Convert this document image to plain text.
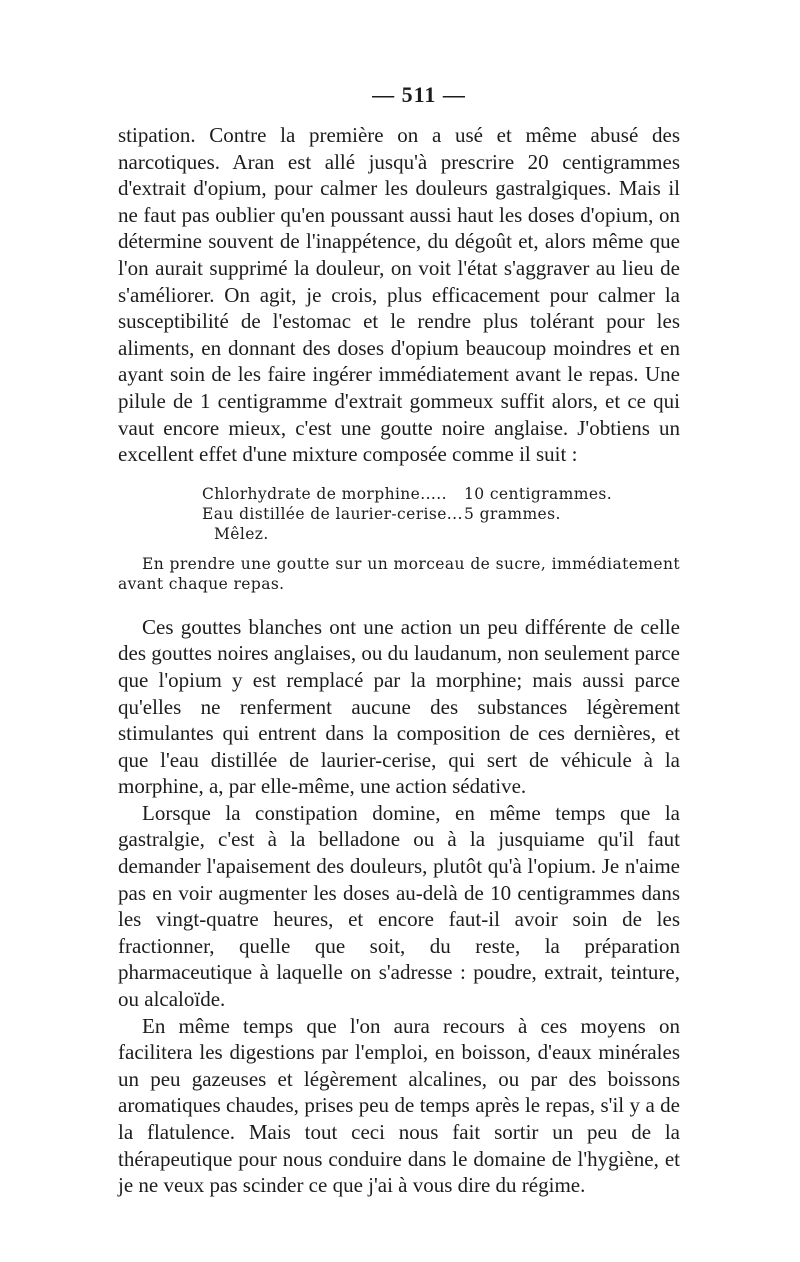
— 511 —

stipation. Contre la première on a usé et même abusé des narcotiques. Aran est allé jusqu'à prescrire 20 centigrammes d'extrait d'opium, pour calmer les douleurs gastralgiques. Mais il ne faut pas oublier qu'en poussant aussi haut les doses d'opium, on détermine souvent de l'inappétence, du dégoût et, alors même que l'on aurait supprimé la douleur, on voit l'état s'aggraver au lieu de s'améliorer. On agit, je crois, plus efficacement pour calmer la susceptibilité de l'estomac et le rendre plus tolérant pour les aliments, en donnant des doses d'opium beaucoup moindres et en ayant soin de les faire ingérer immédiatement avant le repas. Une pilule de 1 centigramme d'extrait gommeux suffit alors, et ce qui vaut encore mieux, c'est une goutte noire anglaise. J'obtiens un excellent effet d'une mixture composée comme il suit :

Chlorhydrate de morphine.....	10 centigrammes.
Eau distillée de laurier-cerise... 5 grammes.
Mêlez.

En prendre une goutte sur un morceau de sucre, immédiatement avant chaque repas.

Ces gouttes blanches ont une action un peu différente de celle des gouttes noires anglaises, ou du laudanum, non seulement parce que l'opium y est remplacé par la morphine; mais aussi parce qu'elles ne renferment aucune des substances légèrement stimulantes qui entrent dans la composition de ces dernières, et que l'eau distillée de laurier-cerise, qui sert de véhicule à la morphine, a, par elle-même, une action sédative.

Lorsque la constipation domine, en même temps que la gastralgie, c'est à la belladone ou à la jusquiame qu'il faut demander l'apaisement des douleurs, plutôt qu'à l'opium. Je n'aime pas en voir augmenter les doses au-delà de 10 centigrammes dans les vingt-quatre heures, et encore faut-il avoir soin de les fractionner, quelle que soit, du reste, la préparation pharmaceutique à laquelle on s'adresse : poudre, extrait, teinture, ou alcaloïde.

En même temps que l'on aura recours à ces moyens on facilitera les digestions par l'emploi, en boisson, d'eaux minérales un peu gazeuses et légèrement alcalines, ou par des boissons aromatiques chaudes, prises peu de temps après le repas, s'il y a de la flatulence. Mais tout ceci nous fait sortir un peu de la thérapeutique pour nous conduire dans le domaine de l'hygiène, et je ne veux pas scinder ce que j'ai à vous dire du régime.
